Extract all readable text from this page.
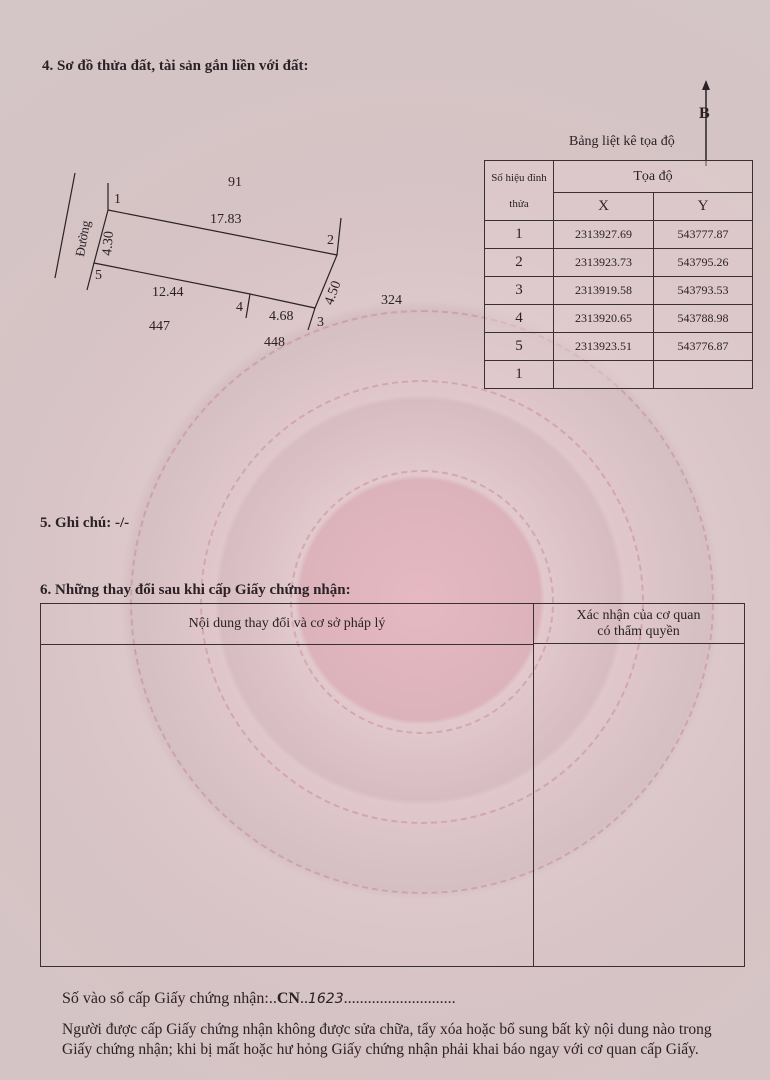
4. Sơ đồ thửa đất, tài sản gắn liền với đất:
B
Đường
91
324
447
448
1
2
3
4
5
17.83
4.50
4.68
12.44
4.30
Bảng liệt kê tọa độ
Số hiệu đỉnh thửa	Tọa độ	
	X	Y
1	2313927.69	543777.87
2	2313923.73	543795.26
3	2313919.58	543793.53
4	2313920.65	543788.98
5	2313923.51	543776.87
1		
5. Ghi chú: -/-
6. Những thay đổi sau khi cấp Giấy chứng nhận:
Nội dung thay đổi và cơ sở pháp lý
Xác nhận của cơ quan
có thẩm quyền
Số vào sổ cấp Giấy chứng nhận:..CN..1623............................
Người được cấp Giấy chứng nhận không được sửa chữa, tẩy xóa hoặc bổ sung bất kỳ nội dung nào trong
Giấy chứng nhận; khi bị mất hoặc hư hỏng Giấy chứng nhận phải khai báo ngay với cơ quan cấp Giấy.
